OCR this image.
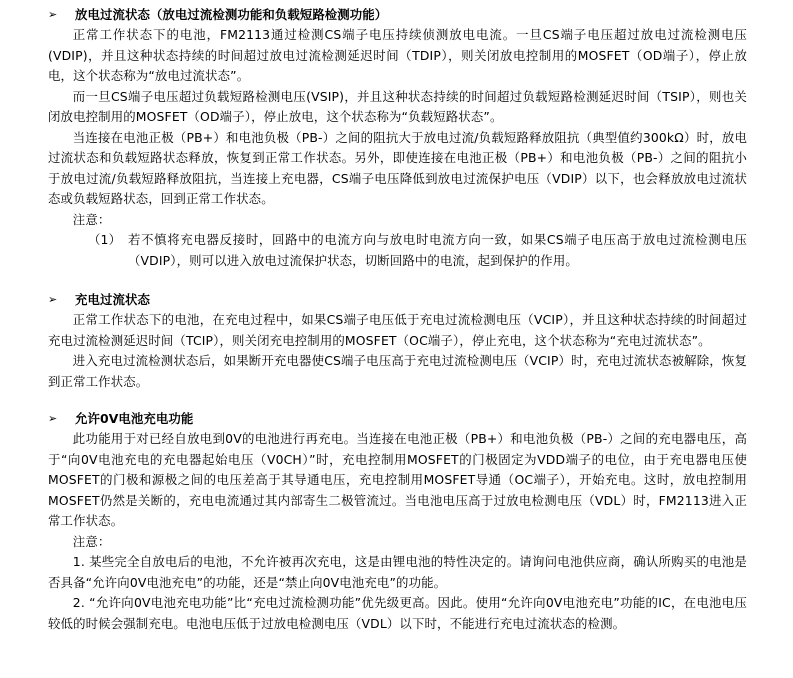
➢	放电过流状态（放电过流检测功能和负载短路检测功能）

正常工作状态下的电池，FM2113通过检测CS端子电压持续侦测放电电流。一旦CS端子电压超过放电过流检测电压(VDIP)，并且这种状态持续的时间超过放电过流检测延迟时间（TDIP），则关闭放电控制用的MOSFET（OD端子），停止放电，这个状态称为“放电过流状态”。

而一旦CS端子电压超过负载短路检测电压(VSIP)，并且这种状态持续的时间超过负载短路检测延迟时间（TSIP），则也关闭放电控制用的MOSFET（OD端子），停止放电，这个状态称为“负载短路状态”。

当连接在电池正极（PB+）和电池负极（PB-）之间的阻抗大于放电过流/负载短路释放阻抗（典型值约300kΩ）时，放电过流状态和负载短路状态释放，恢复到正常工作状态。另外，即使连接在电池正极（PB+）和电池负极（PB-）之间的阻抗小于放电过流/负载短路释放阻抗，当连接上充电器，CS端子电压降低到放电过流保护电压（VDIP）以下，也会释放放电过流状态或负载短路状态，回到正常工作状态。

注意：

（1） 若不慎将充电器反接时，回路中的电流方向与放电时电流方向一致，如果CS端子电压高于放电过流检测电压（VDIP），则可以进入放电过流保护状态，切断回路中的电流，起到保护的作用。
➢	充电过流状态

正常工作状态下的电池，在充电过程中，如果CS端子电压低于充电过流检测电压（VCIP），并且这种状态持续的时间超过充电过流检测延迟时间（TCIP），则关闭充电控制用的MOSFET（OC端子），停止充电，这个状态称为“充电过流状态”。

进入充电过流检测状态后，如果断开充电器使CS端子电压高于充电过流检测电压（VCIP）时，充电过流状态被解除，恢复到正常工作状态。

➢	允许0V电池充电功能

此功能用于对已经自放电到0V的电池进行再充电。当连接在电池正极（PB+）和电池负极（PB-）之间的充电器电压，高于“向0V电池充电的充电器起始电压（V0CH）”时，充电控制用MOSFET的门极固定为VDD端子的电位，由于充电器电压使MOSFET的门极和源极之间的电压差高于其导通电压，充电控制用MOSFET导通（OC端子），开始充电。这时，放电控制用MOSFET仍然是关断的，充电电流通过其内部寄生二极管流过。当电池电压高于过放电检测电压（VDL）时，FM2113进入正常工作状态。

注意：

1. 某些完全自放电后的电池，不允许被再次充电，这是由锂电池的特性决定的。请询问电池供应商，确认所购买的电池是否具备“允许向0V电池充电”的功能，还是“禁止向0V电池充电”的功能。

2. “允许向0V电池充电功能”比“充电过流检测功能”优先级更高。因此。使用“允许向0V电池充电”功能的IC，在电池电压较低的时候会强制充电。电池电压低于过放电检测电压（VDL）以下时，不能进行充电过流状态的检测。
